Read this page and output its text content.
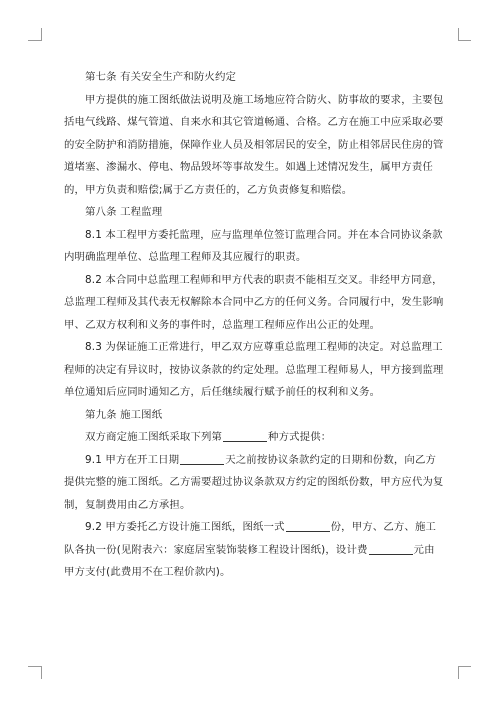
第七条 有关安全生产和防火约定

甲方提供的施工图纸做法说明及施工场地应符合防火、防事故的要求，主要包括电气线路、煤气管道、自来水和其它管道畅通、合格。乙方在施工中应采取必要的安全防护和消防措施，保障作业人员及相邻居民的安全，防止相邻居民住房的管道堵塞、渗漏水、停电、物品毁坏等事故发生。如遇上述情况发生，属甲方责任的，甲方负责和赔偿;属于乙方责任的，乙方负责修复和赔偿。

第八条 工程监理

8.1 本工程甲方委托监理，应与监理单位签订监理合同。并在本合同协议条款内明确监理单位、总监理工程师及其应履行的职责。

8.2 本合同中总监理工程师和甲方代表的职责不能相互交叉。非经甲方同意，总监理工程师及其代表无权解除本合同中乙方的任何义务。合同履行中，发生影响甲、乙双方权利和义务的事件时，总监理工程师应作出公正的处理。

8.3 为保证施工正常进行，甲乙双方应尊重总监理工程师的决定。对总监理工程师的决定有异议时，按协议条款的约定处理。总监理工程师易人，甲方接到监理单位通知后应同时通知乙方，后任继续履行赋予前任的权利和义务。

第九条 施工图纸

双方商定施工图纸采取下列第	种方式提供：

9.1 甲方在开工日期	天之前按协议条款约定的日期和份数，向乙方提供完整的施工图纸。乙方需要超过协议条款双方约定的图纸份数，甲方应代为复制，复制费用由乙方承担。

9.2 甲方委托乙方设计施工图纸，图纸一式	份，甲方、乙方、施工队各执一份(见附表六：家庭居室装饰装修工程设计图纸)，设计费	元由甲方支付(此费用不在工程价款内)。
